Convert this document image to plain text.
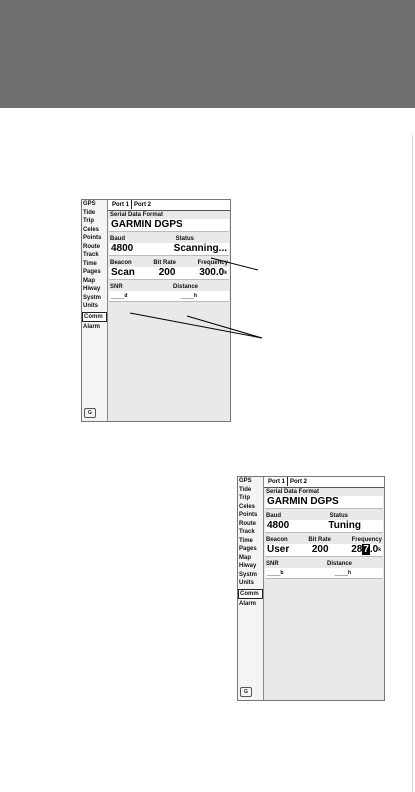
GPS
Tide
Trip
Celes
Points
Route
Track
Time
Pages
Map
Hiway
Systm
Units
Comm
Alarm
G
Port 1 Port 2
Serial Data Format
GARMIN DGPS
Baud	Status
4800	Scanning...
Beacon	Bit Rate	Frequency
Scan 200 300.0$^k$
SNR	Distance
___$^d$	___$^h$
GPS
Tide
Trip
Celes
Points
Route
Track
Time
Pages
Map
Hiway
Systm
Units
Comm
Alarm
G
Port 1 Port 2
Serial Data Format
GARMIN DGPS
Baud	Status
4800	Tuning
Beacon	Bit Rate	Frequency
User 200 287.0$^k$
SNR	Distance
___$^b$	___$^h$
